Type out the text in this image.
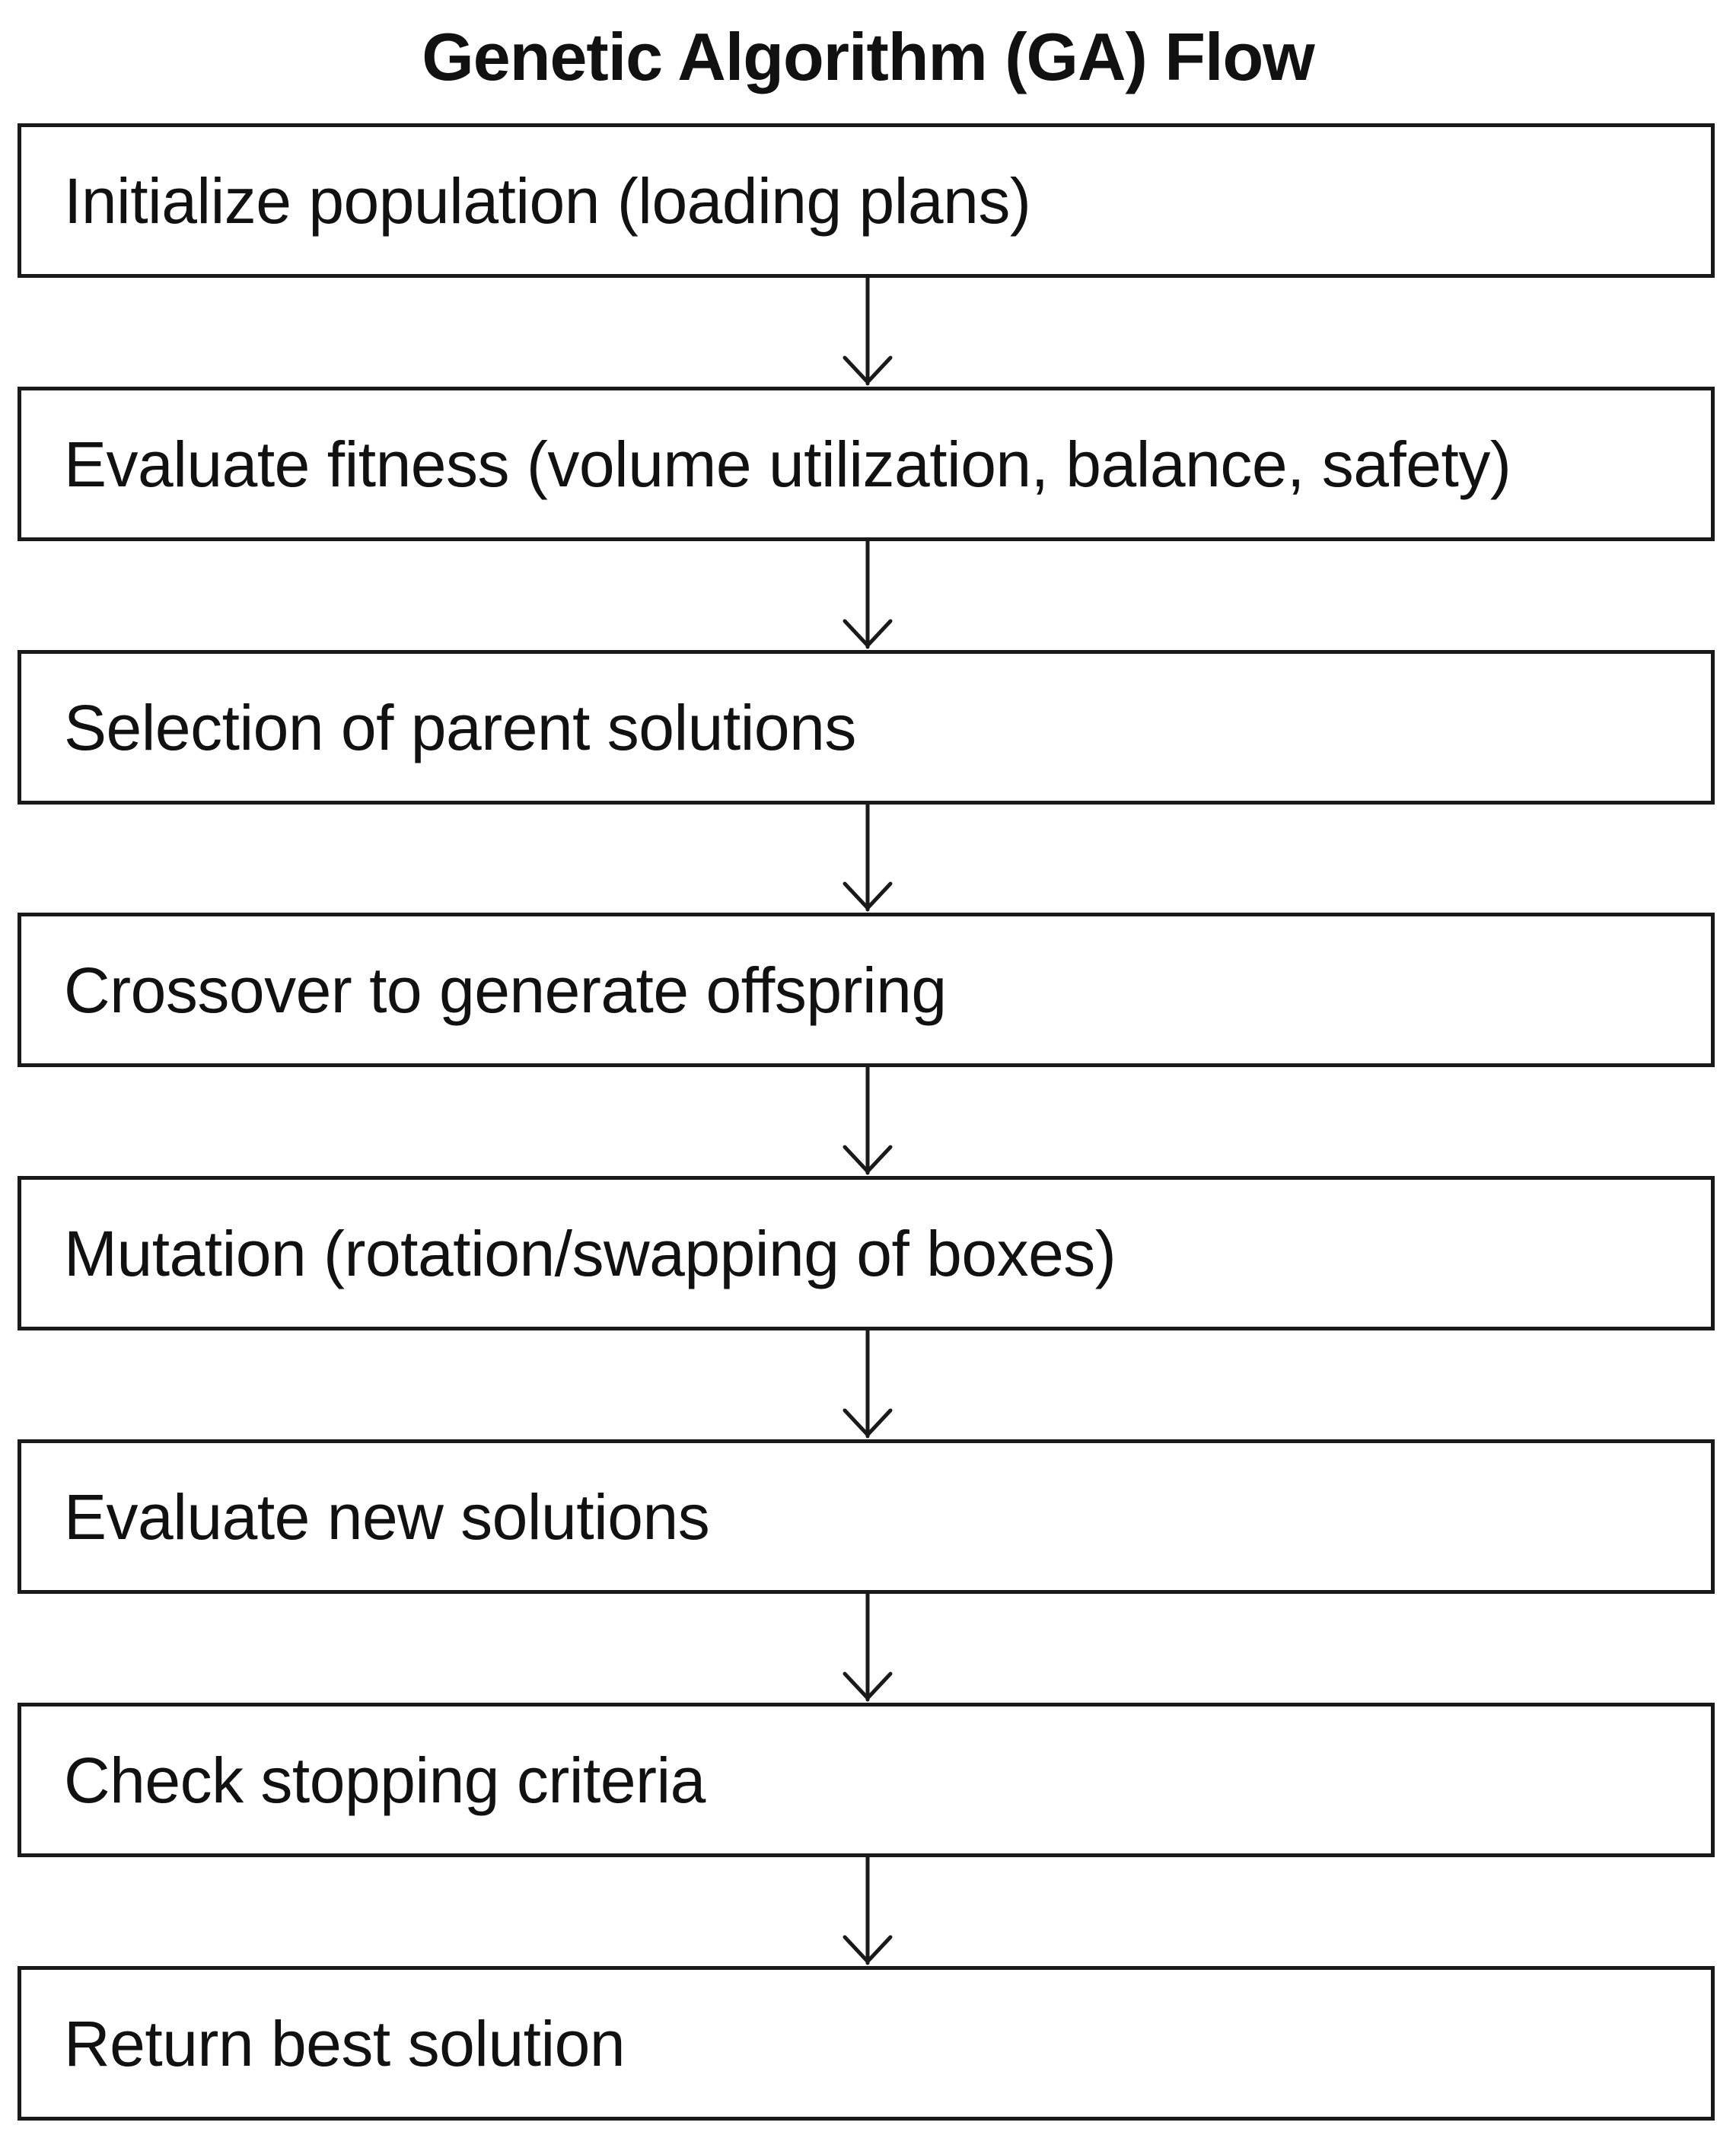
Genetic Algorithm (GA) Flow
Initialize population (loading plans)
Evaluate fitness (volume utilization, balance, safety)
Selection of parent solutions
Crossover to generate offspring
Mutation (rotation/swapping of boxes)
Evaluate new solutions
Check stopping criteria
Return best solution
